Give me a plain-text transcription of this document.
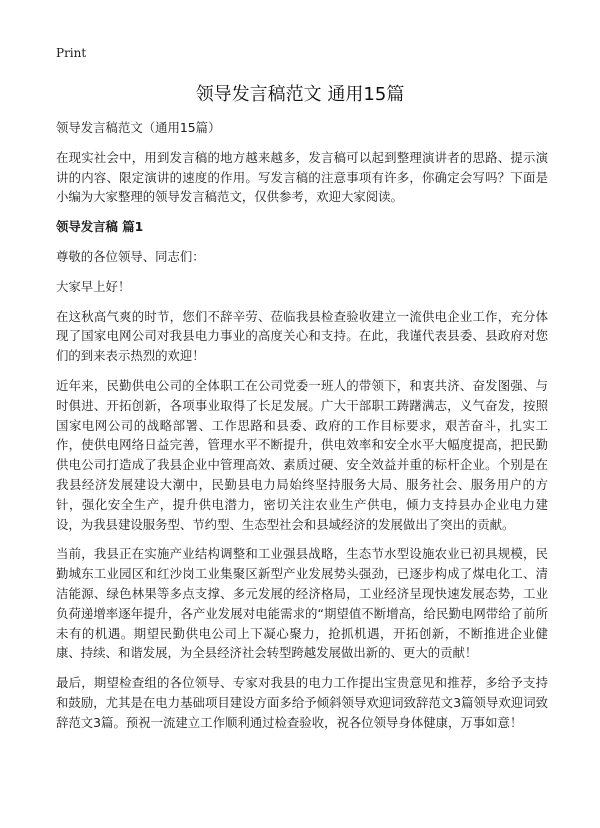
Print
领导发言稿范文 通用15篇

领导发言稿范文（通用15篇）

在现实社会中，用到发言稿的地方越来越多，发言稿可以起到整理演讲者的思路、提示演讲的内容、限定演讲的速度的作用。写发言稿的注意事项有许多，你确定会写吗？下面是小编为大家整理的领导发言稿范文，仅供参考，欢迎大家阅读。

领导发言稿 篇1

尊敬的各位领导、同志们：

大家早上好！

在这秋高气爽的时节，您们不辞辛劳、莅临我县检查验收建立一流供电企业工作，充分体现了国家电网公司对我县电力事业的高度关心和支持。在此，我谨代表县委、县政府对您们的到来表示热烈的欢迎！

近年来，民勤供电公司的全体职工在公司党委一班人的带领下，和衷共济、奋发图强、与时俱进、开拓创新，各项事业取得了长足发展。广大干部职工踌躇满志，义气奋发，按照国家电网公司的战略部署、工作思路和县委、政府的工作目标要求，艰苦奋斗，扎实工作，使供电网络日益完善，管理水平不断提升，供电效率和安全水平大幅度提高，把民勤供电公司打造成了我县企业中管理高效、素质过硬、安全效益并重的标杆企业。个别是在我县经济发展建设大潮中，民勤县电力局始终坚持服务大局、服务社会、服务用户的方针，强化安全生产，提升供电潜力，密切关注农业生产供电，倾力支持县办企业电力建设，为我县建设服务型、节约型、生态型社会和县域经济的发展做出了突出的贡献。

当前，我县正在实施产业结构调整和工业强县战略，生态节水型设施农业已初具规模，民勤城东工业园区和红沙岗工业集聚区新型产业发展势头强劲，已逐步构成了煤电化工、清洁能源、绿色林果等多点支撑、多元发展的经济格局，工业经济呈现快速发展态势，工业负荷递增率逐年提升，各产业发展对电能需求的“期望值不断增高，给民勤电网带给了前所未有的机遇。期望民勤供电公司上下凝心聚力，抢抓机遇，开拓创新，不断推进企业健康、持续、和谐发展，为全县经济社会转型跨越发展做出新的、更大的贡献！

最后，期望检查组的各位领导、专家对我县的电力工作提出宝贵意见和推荐，多给予支持和鼓励，尤其是在电力基础项目建设方面多给予倾斜领导欢迎词致辞范文3篇领导欢迎词致辞范文3篇。预祝一流建立工作顺利通过检查验收，祝各位领导身体健康，万事如意！
